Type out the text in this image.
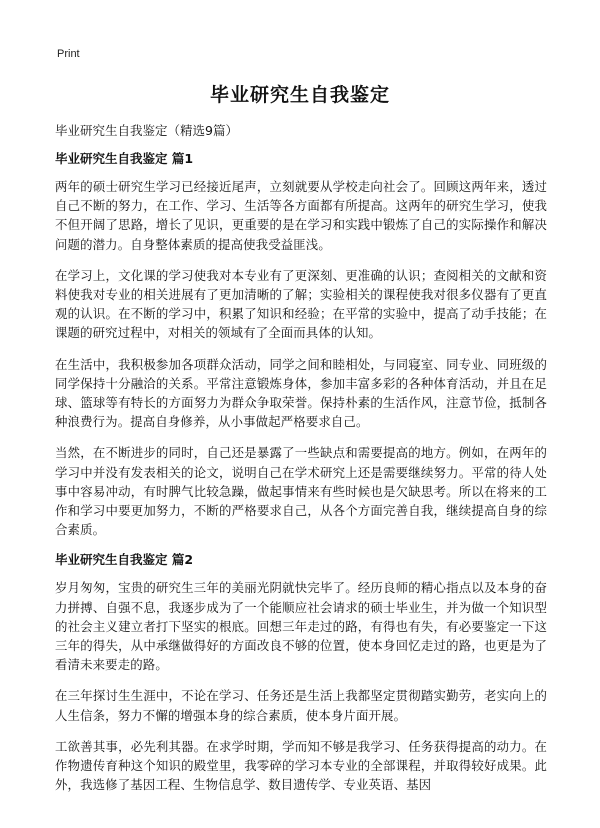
Print
毕业研究生自我鉴定

毕业研究生自我鉴定（精选9篇）

毕业研究生自我鉴定 篇1

两年的硕士研究生学习已经接近尾声，立刻就要从学校走向社会了。回顾这两年来，透过自己不断的努力，在工作、学习、生活等各方面都有所提高。这两年的研究生学习，使我不但开阔了思路，增长了见识，更重要的是在学习和实践中锻炼了自己的实际操作和解决问题的潜力。自身整体素质的提高使我受益匪浅。

在学习上，文化课的学习使我对本专业有了更深刻、更准确的认识；查阅相关的文献和资料使我对专业的相关进展有了更加清晰的了解；实验相关的课程使我对很多仪器有了更直观的认识。在不断的学习中，积累了知识和经验；在平常的实验中，提高了动手技能；在课题的研究过程中，对相关的领域有了全面而具体的认知。

在生活中，我积极参加各项群众活动，同学之间和睦相处，与同寝室、同专业、同班级的同学保持十分融洽的关系。平常注意锻炼身体，参加丰富多彩的各种体育活动，并且在足球、篮球等有特长的方面努力为群众争取荣誉。保持朴素的生活作风，注意节俭，抵制各种浪费行为。提高自身修养，从小事做起严格要求自己。

当然，在不断进步的同时，自己还是暴露了一些缺点和需要提高的地方。例如，在两年的学习中并没有发表相关的论文，说明自己在学术研究上还是需要继续努力。平常的待人处事中容易冲动，有时脾气比较急躁，做起事情来有些时候也是欠缺思考。所以在将来的工作和学习中要更加努力，不断的严格要求自己，从各个方面完善自我，继续提高自身的综合素质。

毕业研究生自我鉴定 篇2

岁月匆匆，宝贵的研究生三年的美丽光阴就快完毕了。经历良师的精心指点以及本身的奋力拼搏、自强不息，我逐步成为了一个能顺应社会请求的硕士毕业生，并为做一个知识型的社会主义建立者打下坚实的根底。回想三年走过的路，有得也有失，有必要鉴定一下这三年的得失，从中承继做得好的方面改良不够的位置，使本身回忆走过的路，也更是为了看清未来要走的路。

在三年探讨生生涯中，不论在学习、任务还是生活上我都坚定贯彻踏实勤劳，老实向上的人生信条，努力不懈的增强本身的综合素质，使本身片面开展。

工欲善其事，必先利其器。在求学时期，学而知不够是我学习、任务获得提高的动力。在作物遗传育种这个知识的殿堂里，我零碎的学习本专业的全部课程，并取得较好成果。此外，我选修了基因工程、生物信息学、数目遗传学、专业英语、基因
